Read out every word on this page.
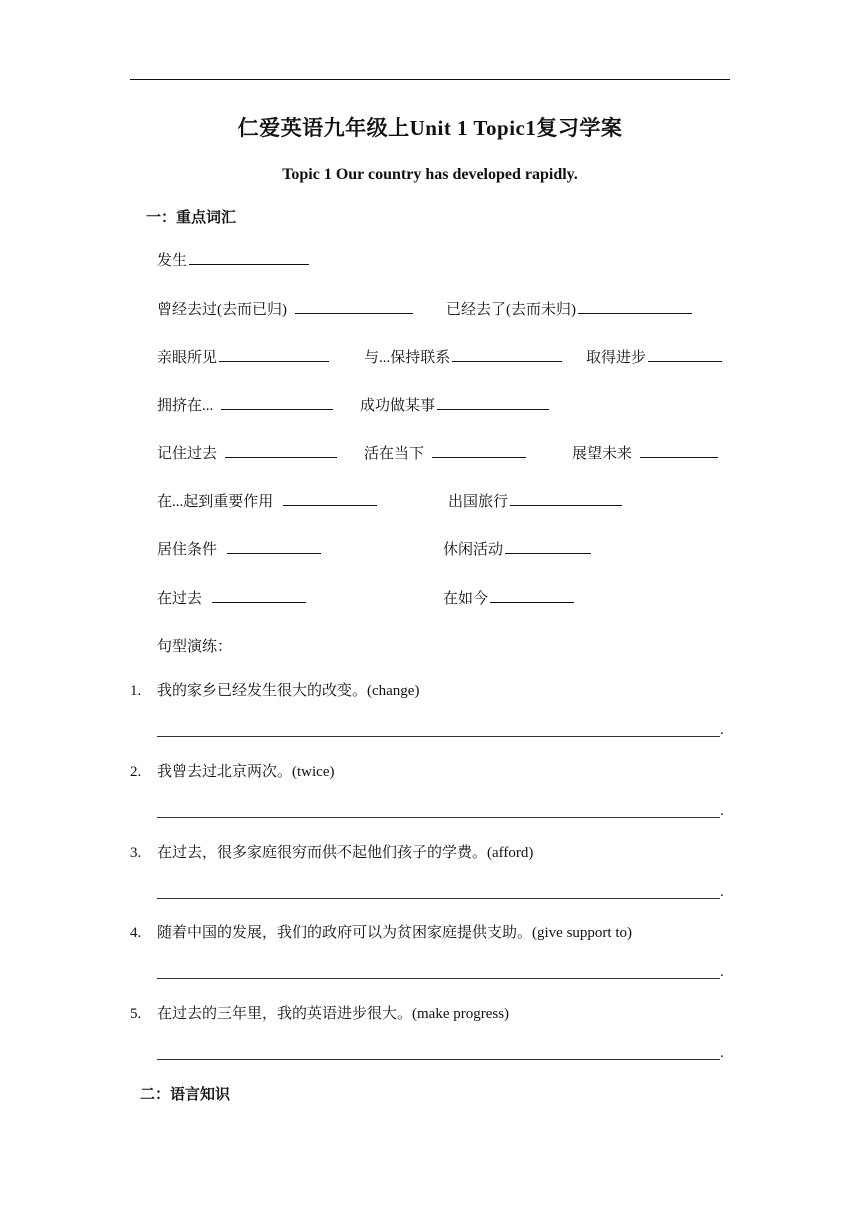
仁爱英语九年级上Unit 1 Topic1复习学案
Topic 1 Our country has developed rapidly.
一：重点词汇
发生
曾经去过(去而已归)	已经去了(去而未归)
亲眼所见	与...保持联系	取得进步
拥挤在...	成功做某事
记住过去	活在当下	展望未来
在...起到重要作用	出国旅行
居住条件	休闲活动
在过去	在如今
句型演练：
1. 我的家乡已经发生很大的改变。(change)
.
2. 我曾去过北京两次。(twice)
.
3. 在过去，很多家庭很穷而供不起他们孩子的学费。(afford)
.
4. 随着中国的发展，我们的政府可以为贫困家庭提供支助。(give support to)
.
5. 在过去的三年里，我的英语进步很大。(make progress)
.
二：语言知识
